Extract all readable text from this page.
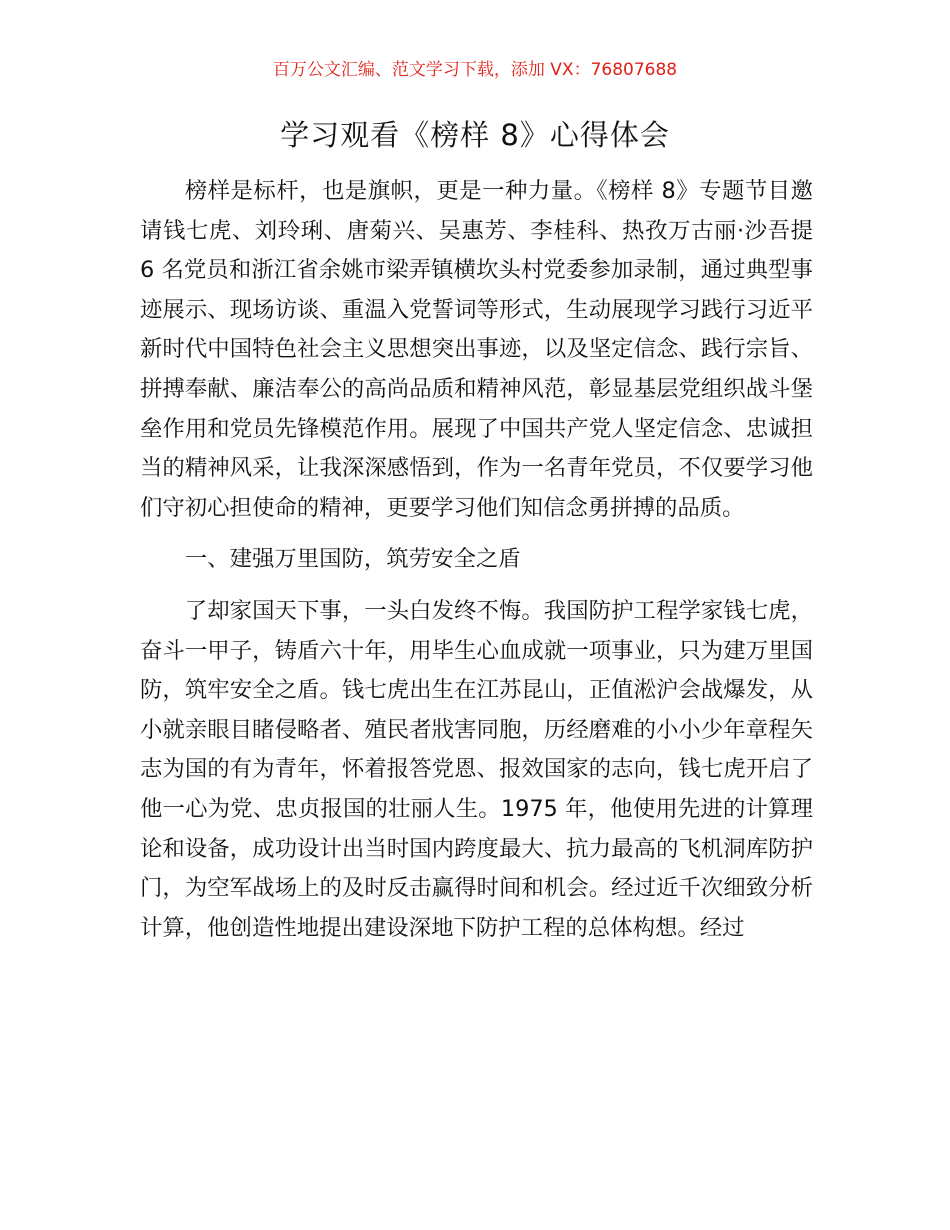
百万公文汇编、范文学习下载，添加 VX：76807688
学习观看《榜样 8》心得体会

榜样是标杆，也是旗帜，更是一种力量。《榜样 8》专题节目邀请钱七虎、刘玲琍、唐菊兴、吴惠芳、李桂科、热孜万古丽·沙吾提 6 名党员和浙江省余姚市梁弄镇横坎头村党委参加录制，通过典型事迹展示、现场访谈、重温入党誓词等形式，生动展现学习践行习近平新时代中国特色社会主义思想突出事迹，以及坚定信念、践行宗旨、拼搏奉献、廉洁奉公的高尚品质和精神风范，彰显基层党组织战斗堡垒作用和党员先锋模范作用。展现了中国共产党人坚定信念、忠诚担当的精神风采，让我深深感悟到，作为一名青年党员，不仅要学习他们守初心担使命的精神，更要学习他们知信念勇拼搏的品质。

一、建强万里国防，筑劳安全之盾

了却家国天下事，一头白发终不悔。我国防护工程学家钱七虎，奋斗一甲子，铸盾六十年，用毕生心血成就一项事业，只为建万里国防，筑牢安全之盾。钱七虎出生在江苏昆山，正值淞沪会战爆发，从小就亲眼目睹侵略者、殖民者戕害同胞，历经磨难的小小少年章程矢志为国的有为青年，怀着报答党恩、报效国家的志向，钱七虎开启了他一心为党、忠贞报国的壮丽人生。1975 年，他使用先进的计算理论和设备，成功设计出当时国内跨度最大、抗力最高的飞机洞库防护门，为空军战场上的及时反击赢得时间和机会。经过近千次细致分析计算，他创造性地提出建设深地下防护工程的总体构想。经过
